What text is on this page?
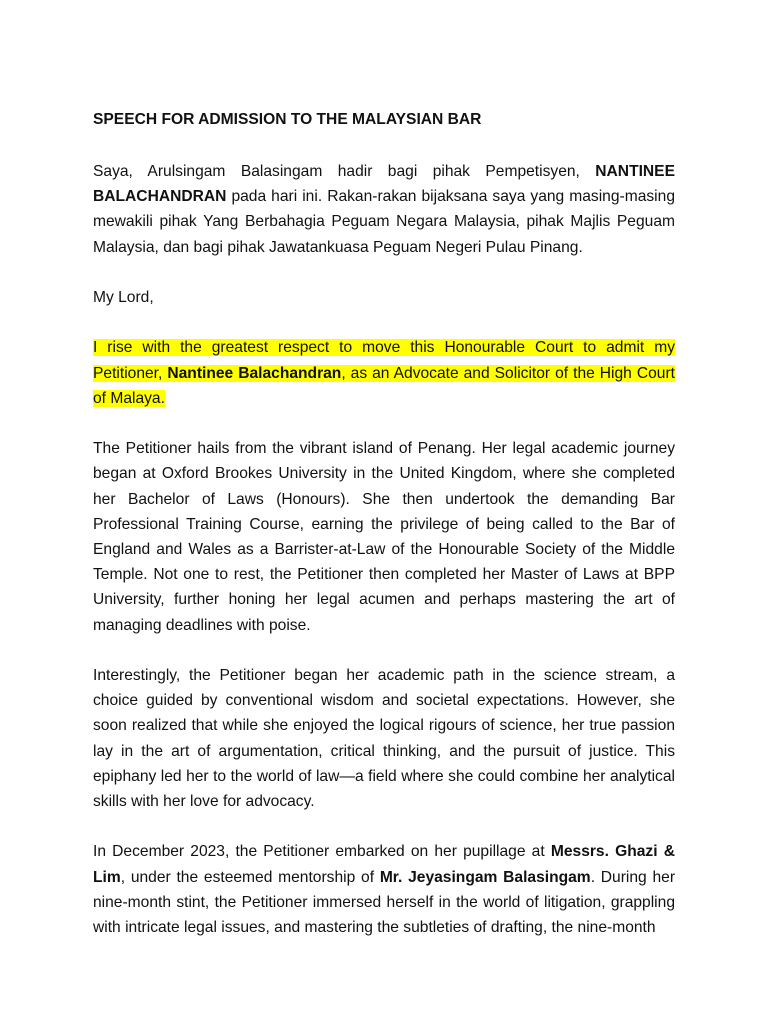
SPEECH FOR ADMISSION TO THE MALAYSIAN BAR

Saya, Arulsingam Balasingam hadir bagi pihak Pempetisyen, NANTINEE BALACHANDRAN pada hari ini. Rakan-rakan bijaksana saya yang masing-masing mewakili pihak Yang Berbahagia Peguam Negara Malaysia, pihak Majlis Peguam Malaysia, dan bagi pihak Jawatankuasa Peguam Negeri Pulau Pinang.

My Lord,

I rise with the greatest respect to move this Honourable Court to admit my Petitioner, Nantinee Balachandran, as an Advocate and Solicitor of the High Court of Malaya.

The Petitioner hails from the vibrant island of Penang. Her legal academic journey began at Oxford Brookes University in the United Kingdom, where she completed her Bachelor of Laws (Honours). She then undertook the demanding Bar Professional Training Course, earning the privilege of being called to the Bar of England and Wales as a Barrister-at-Law of the Honourable Society of the Middle Temple. Not one to rest, the Petitioner then completed her Master of Laws at BPP University, further honing her legal acumen and perhaps mastering the art of managing deadlines with poise.

Interestingly, the Petitioner began her academic path in the science stream, a choice guided by conventional wisdom and societal expectations. However, she soon realized that while she enjoyed the logical rigours of science, her true passion lay in the art of argumentation, critical thinking, and the pursuit of justice. This epiphany led her to the world of law—a field where she could combine her analytical skills with her love for advocacy.

In December 2023, the Petitioner embarked on her pupillage at Messrs. Ghazi & Lim, under the esteemed mentorship of Mr. Jeyasingam Balasingam. During her nine-month stint, the Petitioner immersed herself in the world of litigation, grappling with intricate legal issues, and mastering the subtleties of drafting, the nine-month
